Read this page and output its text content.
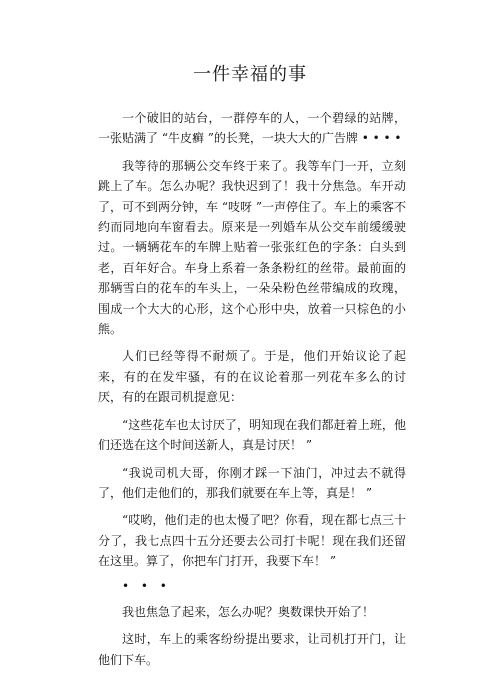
一件幸福的事

一个破旧的站台，一群停车的人，一个碧绿的站牌，一张贴满了 “牛皮癣 ”的长凳，一块大大的广告牌 • • • •

我等待的那辆公交车终于来了。我等车门一开，立刻跳上了车。怎么办呢？我快迟到了！我十分焦急。车开动了，可不到两分钟，车 “吱呀 ”一声停住了。车上的乘客不约而同地向车窗看去。原来是一列婚车从公交车前缓缓驶过。一辆辆花车的车牌上贴着一张张红色的字条：白头到老，百年好合。车身上系着一条条粉红的丝带。最前面的那辆雪白的花车的车头上，一朵朵粉色丝带编成的玫瑰，围成一个大大的心形，这个心形中央，放着一只棕色的小熊。

人们已经等得不耐烦了。于是，他们开始议论了起来，有的在发牢骚，有的在议论着那一列花车多么的讨厌，有的在跟司机提意见：

“这些花车也太讨厌了，明知现在我们都赶着上班，他们还选在这个时间送新人，真是讨厌！ ”

“我说司机大哥，你刚才踩一下油门，冲过去不就得了，他们走他们的，那我们就要在车上等，真是！ ”

“哎哟，他们走的也太慢了吧？你看，现在都七点三十分了，我七点四十五分还要去公司打卡呢！现在我们还留在这里。算了，你把车门打开，我要下车！ ”

• • •

我也焦急了起来，怎么办呢？奥数课快开始了！

这时，车上的乘客纷纷提出要求，让司机打开门，让他们下车。
